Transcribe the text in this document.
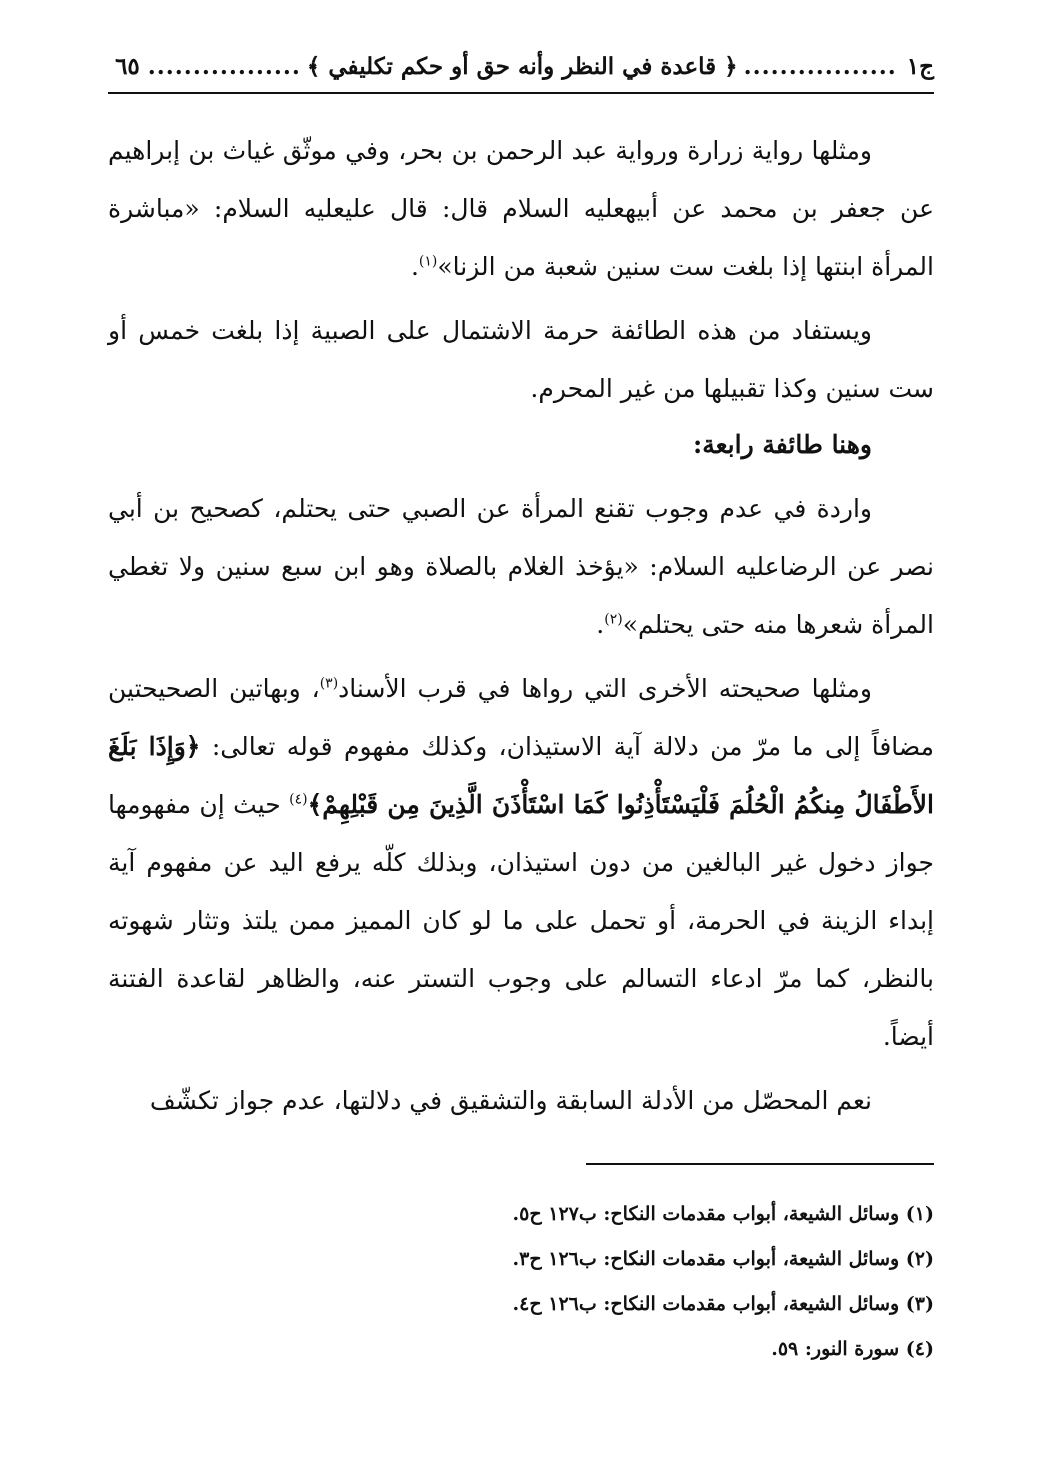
ج١
.................
﴿ قاعدة في النظر وأنه حق أو حكم تكليفي ﴾
.................
٦٥

ومثلها رواية زرارة ورواية عبد الرحمن بن بحر، وفي موثّق غياث بن إبراهيم عن جعفر بن محمد عن أبيهعليه السلام قال: قال عليعليه السلام: «مباشرة المرأة ابنتها إذا بلغت ست سنين شعبة من الزنا»$^{(١)}$.

ويستفاد من هذه الطائفة حرمة الاشتمال على الصبية إذا بلغت خمس أو ست سنين وكذا تقبيلها من غير المحرم.

وهنا طائفة رابعة:

واردة في عدم وجوب تقنع المرأة عن الصبي حتى يحتلم، كصحيح بن أبي نصر عن الرضاعليه السلام: «يؤخذ الغلام بالصلاة وهو ابن سبع سنين ولا تغطي المرأة شعرها منه حتى يحتلم»$^{(٢)}$.

ومثلها صحيحته الأخرى التي رواها في قرب الأسناد$^{(٣)}$، وبهاتين الصحيحتين مضافاً إلى ما مرّ من دلالة آية الاستيذان، وكذلك مفهوم قوله تعالى: ﴿وَإِذَا بَلَغَ الأَطْفَالُ مِنكُمُ الْحُلُمَ فَلْيَسْتَأْذِنُوا كَمَا اسْتَأْذَنَ الَّذِينَ مِن قَبْلِهِمْ﴾$^{(٤)}$ حيث إن مفهومها جواز دخول غير البالغين من دون استيذان، وبذلك كلّه يرفع اليد عن مفهوم آية إبداء الزينة في الحرمة، أو تحمل على ما لو كان المميز ممن يلتذ وتثار شهوته بالنظر، كما مرّ ادعاء التسالم على وجوب التستر عنه، والظاهر لقاعدة الفتنة أيضاً.

نعم المحصّل من الأدلة السابقة والتشقيق في دلالتها، عدم جواز تكشّف

(١) وسائل الشيعة، أبواب مقدمات النكاح: ب١٢٧ ح٥.
(٢) وسائل الشيعة، أبواب مقدمات النكاح: ب١٢٦ ح٣.
(٣) وسائل الشيعة، أبواب مقدمات النكاح: ب١٢٦ ح٤.
(٤) سورة النور: ٥٩.
